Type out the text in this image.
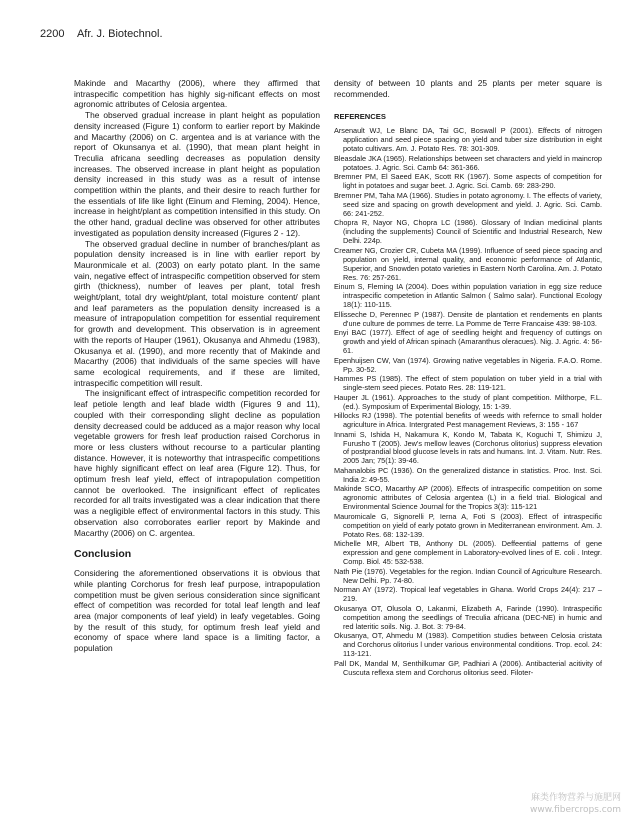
2200 Afr. J. Biotechnol.

Makinde and Macarthy (2006), where they affirmed that intraspecific competition has highly sig-nificant effects on most agronomic attributes of Celosia argentea.

The observed gradual increase in plant height as population density increased (Figure 1) conform to earlier report by Makinde and Macarthy (2006) on C. argentea and is at variance with the report of Okunsanya et al. (1990), that mean plant height in Treculia africana seedling decreases as population density increases. The observed increase in plant height as population density increased in this study was as a result of intense competition within the plants, and their desire to reach further for the essentials of life like light (Einum and Fleming, 2004). Hence, increase in height/plant as competition intensified in this study. On the other hand, gradual decline was observed for other attributes investigated as population density increased (Figures 2 - 12).

The observed gradual decline in number of branches/plant as population density increased is in line with earlier report by Mauronmicale et al. (2003) on early potato plant. In the same vain, negative effect of intraspecific competition observed for stem girth (thickness), number of leaves per plant, total fresh weight/plant, total dry weight/plant, total moisture content/ plant and leaf parameters as the population density increased is a measure of intrapopulation competition for essential requirement for growth and development. This observation is in agreement with the reports of Hauper (1961), Okusanya and Ahmedu (1983), Okusanya et al. (1990), and more recently that of Makinde and Macarthy (2006) that individuals of the same species will have same ecological requirements, and if these are limited, intraspecific competition will result.

The insignificant effect of intraspecific competition recorded for leaf petiole length and leaf blade width (Figures 9 and 11), coupled with their corresponding slight decline as population density decreased could be adduced as a major reason why local vegetable growers for fresh leaf production raised Corchorus in more or less clusters without recourse to a particular planting distance. However, it is noteworthy that intraspecific competitions have highly significant effect on leaf area (Figure 12). Thus, for optimum fresh leaf yield, effect of intrapopulation competition cannot be overlooked. The insignificant effect of replicates recorded for all traits investigated was a clear indication that there was a negligible effect of environmental factors in this study. This observation also corroborates earlier report by Makinde and Macarthy (2006) on C. argentea.

Conclusion

Considering the aforementioned observations it is obvious that while planting Corchorus for fresh leaf purpose, intrapopulation competition must be given serious consideration since significant effect of competition was recorded for total leaf length and leaf area (major components of leaf yield) in leafy vegetables. Going by the result of this study, for optimum fresh leaf yield and economy of space where land space is a limiting factor, a population

density of between 10 plants and 25 plants per meter square is recommended.

REFERENCES
Arsenault WJ, Le Blanc DA, Tai GC, Boswall P (2001). Effects of nitrogen application and seed piece spacing on yield and tuber size distribution in eight potato cultivars. Am. J. Potato Res. 78: 301-309.
Bleasdale JKA (1965). Relationships between set characters and yield in maincrop potatoes. J. Agric. Sci. Camb 64: 361-366.
Bremner PM, El Saeed EAK, Scott RK (1967). Some aspects of competition for light in potatoes and sugar beet. J. Agric. Sci. Camb. 69: 283-290.
Bremner PM, Taha MA (1966). Studies in potato agronomy. I. The effects of variety, seed size and spacing on growth development and yield. J. Agric. Sci. Camb. 66: 241-252.
Chopra R, Nayor NG, Chopra LC (1986). Glossary of Indian medicinal plants (including the supplements) Council of Scientific and Industrial Research, New Delhi. 224p.
Creamer NG, Crozier CR, Cubeta MA (1999). Influence of seed piece spacing and population on yield, internal quality, and economic performance of Atlantic, Superior, and Snowden potato varieties in Eastern North Carolina. Am. J. Potato Res. 76: 257-261.
Einum S, Fleming IA (2004). Does within population variation in egg size reduce intraspecific competetion in Atlantic Salmon ( Salmo salar). Functional Ecology 18(1): 110-115.
Ellisseche D, Perennec P (1987). Densite de plantation et rendements en plants d'une culture de pommes de terre. La Pomme de Terre Francaise 439: 98-103.
Enyi BAC (1977). Effect of age of seedling height and frequency of cuttings on growth and yield of African spinach (Amaranthus oleracues). Nig. J. Agric. 4: 56- 61.
Epenhuijsen CW, Van (1974). Growing native vegetables in Nigeria. F.A.O. Rome. Pp. 30-52.
Hammes PS (1985). The effect of stem population on tuber yield in a trial with single-stem seed pieces. Potato Res. 28: 119-121.
Hauper JL (1961). Approaches to the study of plant competition. Milthorpe, F.L. (ed.). Symposium of Experimental Biology, 15: 1-39.
Hillocks RJ (1998). The potential benefits of weeds with refernce to small holder agriculture in Africa. Intergrated Pest management Reviews, 3: 155 - 167
Innami S, Ishida H, Nakamura K, Kondo M, Tabata K, Koguchi T, Shimizu J, Furusho T (2005). Jew's mellow leaves (Corchorus olitorius) suppress elevation of postprandial blood glucose levels in rats and humans. Int. J. Vitam. Nutr. Res. 2005 Jan; 75(1): 39-46.
Mahanalobis PC (1936). On the generalized distance in statistics. Proc. Inst. Sci. India 2: 49-55.
Makinde SCO, Macarthy AP (2006). Effects of intraspecific competition on some agronomic attributes of Celosia argentea (L) in a field trial. Biological and Environmental Science Journal for the Tropics 3(3): 115-121
Mauromicale G, Signorelli P, Ierna A, Foti S (2003). Effect of intraspecific competition on yield of early potato grown in Mediterranean environment. Am. J. Potato Res. 68: 132-139.
Michelle MR, Albert TB, Anthony DL (2005). Deffeential patterns of gene expression and gene complement in Laboratory-evolved lines of E. coli . Integr. Comp. Biol. 45: 532-538.
Nath Pie (1976). Vegetables for the region. Indian Council of Agriculture Research. New Delhi. Pp. 74-80.
Norman AY (1972). Tropical leaf vegetables in Ghana. World Crops 24(4): 217 – 219.
Okusanya OT, Olusola O, Lakanmi, Elizabeth A, Farinde (1990). Intraspecific competition among the seedlings of Treculia africana (DEC-NE) in humic and red lateritic soils. Nig. J. Bot. 3: 79-84.
Okusanya, OT, Ahmedu M (1983). Competition studies between Celosia cristata and Corchorus olitorius l under various environmental conditions. Trop. ecol. 24: 113-121.
Pall DK, Mandal M, Senthilkumar GP, Padhiari A (2006). Antibacterial acitivity of Cuscuta reflexa stem and Corchorus olitorius seed. Filoter-
麻类作物营养与施肥网
www.fibercrops.com
